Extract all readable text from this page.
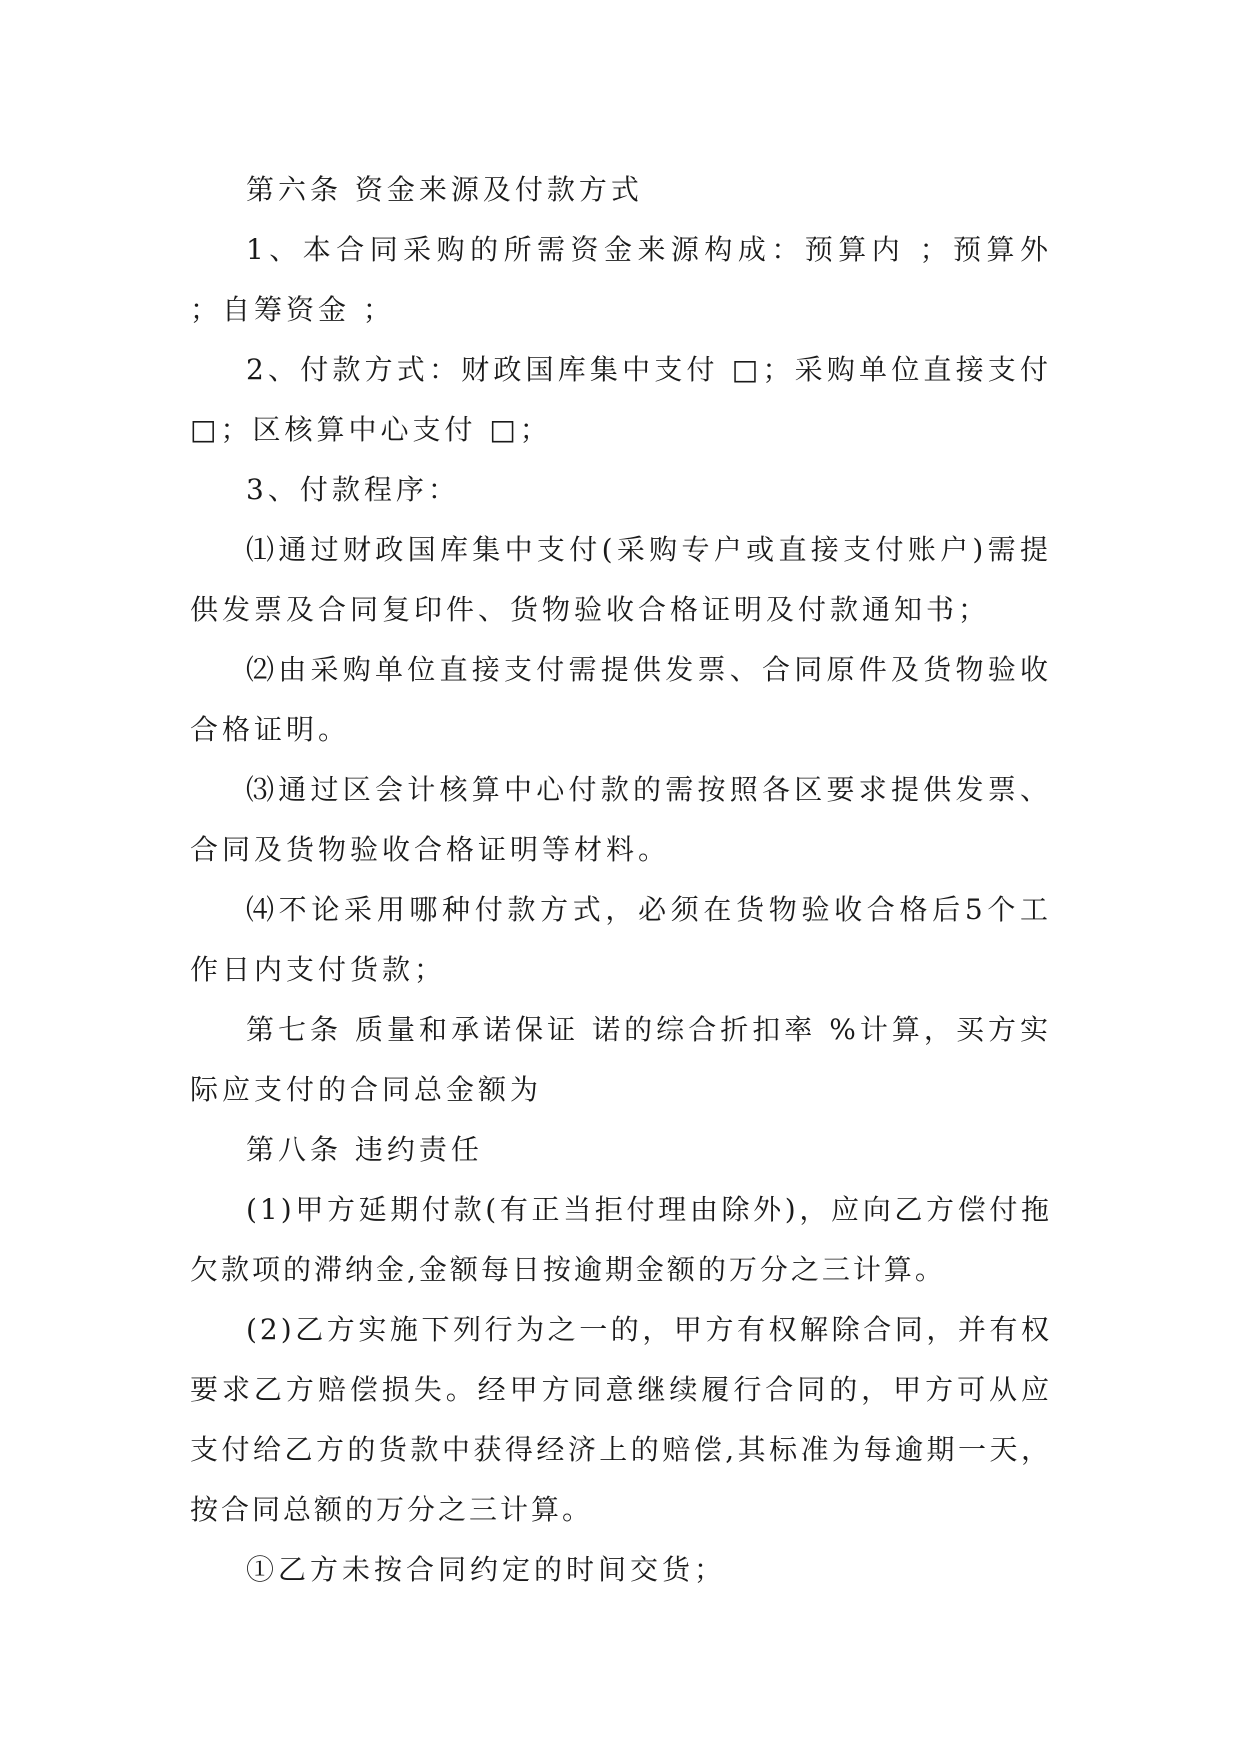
第六条 资金来源及付款方式

1、本合同采购的所需资金来源构成：预算内 ；预算外 ；自筹资金 ；

2、付款方式：财政国库集中支付 □；采购单位直接支付 □；区核算中心支付 □；

3、付款程序：

⑴通过财政国库集中支付(采购专户或直接支付账户)需提供发票及合同复印件、货物验收合格证明及付款通知书；

⑵由采购单位直接支付需提供发票、合同原件及货物验收合格证明。

⑶通过区会计核算中心付款的需按照各区要求提供发票、合同及货物验收合格证明等材料。

⑷不论采用哪种付款方式，必须在货物验收合格后5个工作日内支付货款；

第七条 质量和承诺保证 诺的综合折扣率 %计算，买方实际应支付的合同总金额为

第八条 违约责任

(1)甲方延期付款(有正当拒付理由除外)，应向乙方偿付拖欠款项的滞纳金,金额每日按逾期金额的万分之三计算。

(2)乙方实施下列行为之一的，甲方有权解除合同，并有权要求乙方赔偿损失。经甲方同意继续履行合同的，甲方可从应支付给乙方的货款中获得经济上的赔偿,其标准为每逾期一天，按合同总额的万分之三计算。

①乙方未按合同约定的时间交货；
